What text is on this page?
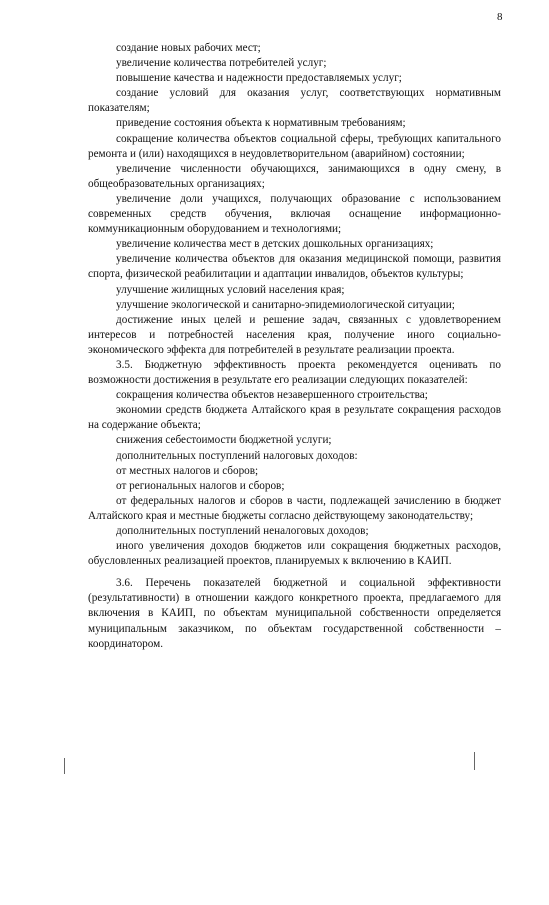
8

создание новых рабочих мест;

увеличение количества потребителей услуг;

повышение качества и надежности предоставляемых услуг;

создание условий для оказания услуг, соответствующих нормативным показателям;

приведение состояния объекта к нормативным требованиям;

сокращение количества объектов социальной сферы, требующих капитального ремонта и (или) находящихся в неудовлетворительном (аварийном) состоянии;

увеличение численности обучающихся, занимающихся в одну смену, в общеобразовательных организациях;

увеличение доли учащихся, получающих образование с использованием современных средств обучения, включая оснащение информационно-коммуникационным оборудованием и технологиями;

увеличение количества мест в детских дошкольных организациях;

увеличение количества объектов для оказания медицинской помощи, развития спорта, физической реабилитации и адаптации инвалидов, объектов культуры;

улучшение жилищных условий населения края;

улучшение экологической и санитарно-эпидемиологической ситуации;

достижение иных целей и решение задач, связанных с удовлетворением интересов и потребностей населения края, получение иного социально-экономического эффекта для потребителей в результате реализации проекта.

3.5. Бюджетную эффективность проекта рекомендуется оценивать по возможности достижения в результате его реализации следующих показателей:

сокращения количества объектов незавершенного строительства;

экономии средств бюджета Алтайского края в результате сокращения расходов на содержание объекта;

снижения себестоимости бюджетной услуги;

дополнительных поступлений налоговых доходов:

от местных налогов и сборов;

от региональных налогов и сборов;

от федеральных налогов и сборов в части, подлежащей зачислению в бюджет Алтайского края и местные бюджеты согласно действующему законодательству;

дополнительных поступлений неналоговых доходов;

иного увеличения доходов бюджетов или сокращения бюджетных расходов, обусловленных реализацией проектов, планируемых к включению в КАИП.

3.6. Перечень показателей бюджетной и социальной эффективности (результативности) в отношении каждого конкретного проекта, предлагаемого для включения в КАИП, по объектам муниципальной собственности определяется муниципальным заказчиком, по объектам государственной собственности – координатором.
